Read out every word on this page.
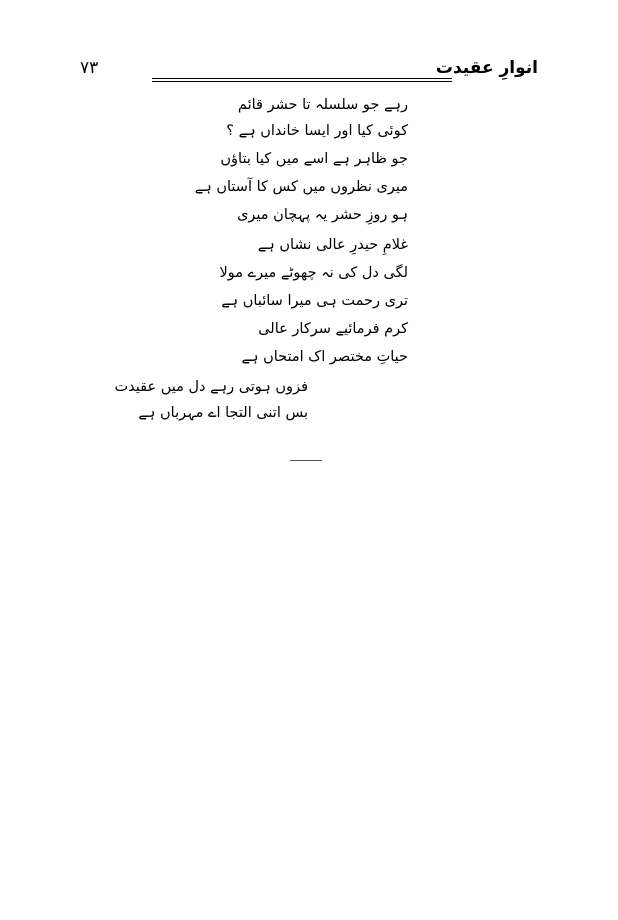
انوارِ عقیدت
۷۳
رہے جو سلسلہ تا حشر قائم
کوئی کیا اور ایسا خانداں ہے ؟
جو ظاہر ہے اسے میں کیا بتاؤں
میری نظروں میں کس کا آستاں ہے
ہو روزِ حشر یہ پہچان میری
غلامِ حیدرِ عالی نشاں ہے
لگی دل کی نہ چھوٹے میرے مولا
تری رحمت ہی میرا سائباں ہے
کرم فرمائیے سرکار عالی
حیاتِ مختصر اک امتحاں ہے
فزوں ہوتی رہے دل میں عقیدت
بس اتنی التجا اے مہرباں ہے
